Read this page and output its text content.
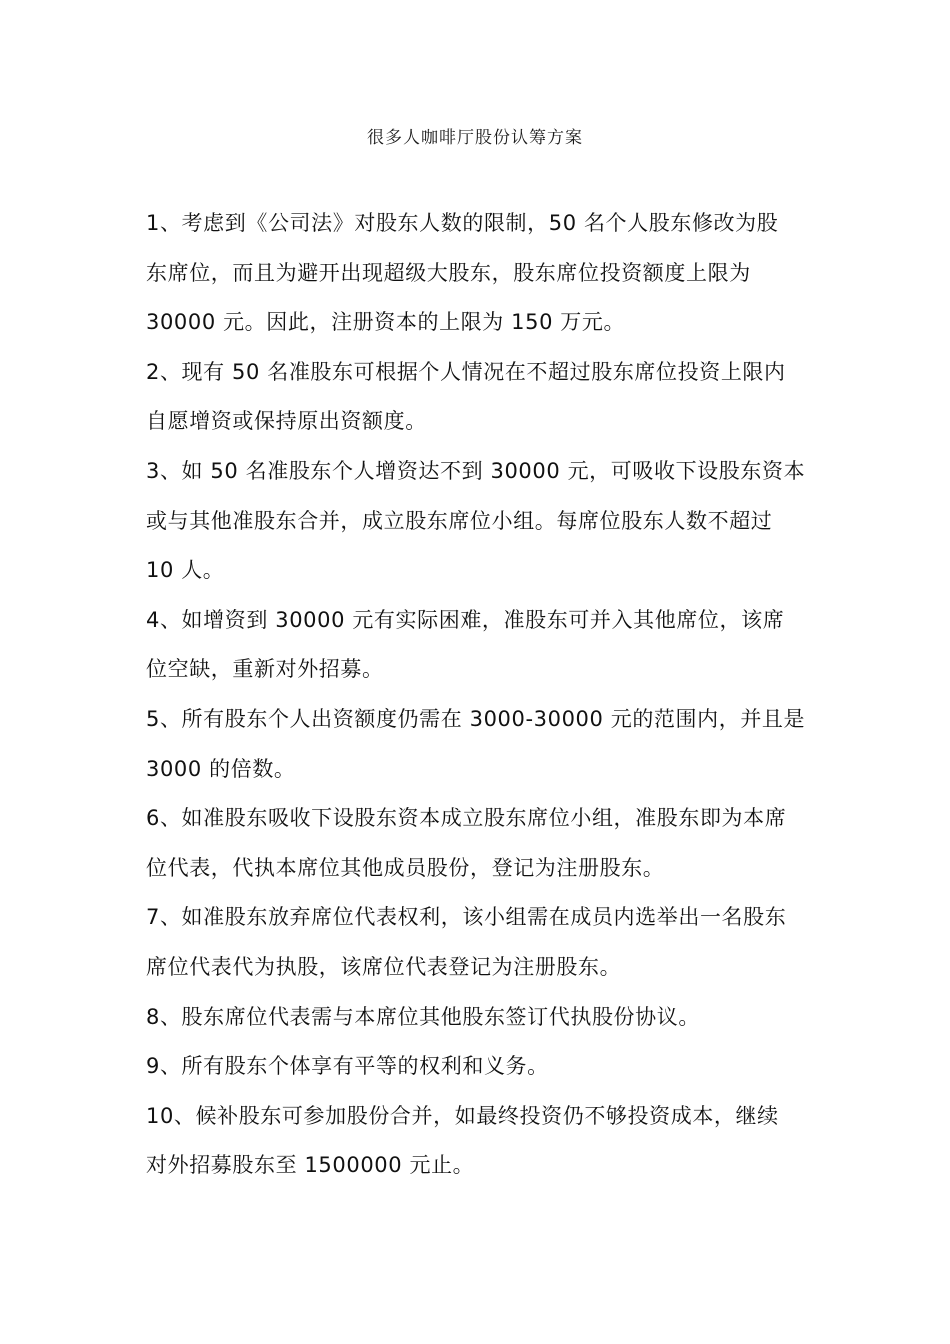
很多人咖啡厅股份认筹方案

1、考虑到《公司法》对股东人数的限制，50 名个人股东修改为股
东席位，而且为避开出现超级大股东，股东席位投资额度上限为
30000 元。因此，注册资本的上限为 150 万元。

2、现有 50 名准股东可根据个人情况在不超过股东席位投资上限内
自愿增资或保持原出资额度。

3、如 50 名准股东个人增资达不到 30000 元，可吸收下设股东资本
或与其他准股东合并，成立股东席位小组。每席位股东人数不超过
10 人。

4、如增资到 30000 元有实际困难，准股东可并入其他席位，该席
位空缺，重新对外招募。

5、所有股东个人出资额度仍需在 3000-30000 元的范围内，并且是
3000 的倍数。

6、如准股东吸收下设股东资本成立股东席位小组，准股东即为本席
位代表，代执本席位其他成员股份，登记为注册股东。

7、如准股东放弃席位代表权利，该小组需在成员内选举出一名股东
席位代表代为执股，该席位代表登记为注册股东。

8、股东席位代表需与本席位其他股东签订代执股份协议。

9、所有股东个体享有平等的权利和义务。

10、候补股东可参加股份合并，如最终投资仍不够投资成本，继续
对外招募股东至 1500000 元止。
